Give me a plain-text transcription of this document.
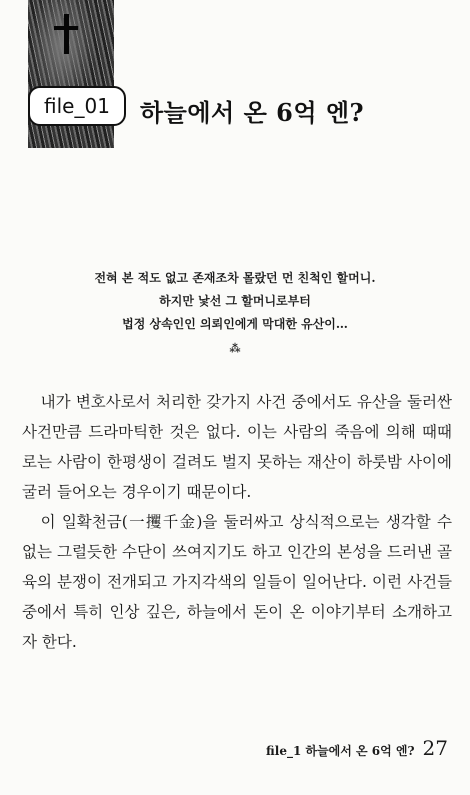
file_01 하늘에서 온 6억 엔?
전혀 본 적도 없고 존재조차 몰랐던 먼 친척인 할머니.
하지만 낯선 그 할머니로부터
법정 상속인인 의뢰인에게 막대한 유산이…
⁂

내가 변호사로서 처리한 갖가지 사건 중에서도 유산을 둘러싼 사건만큼 드라마틱한 것은 없다. 이는 사람의 죽음에 의해 때때로는 사람이 한평생이 걸려도 벌지 못하는 재산이 하룻밤 사이에 굴러 들어오는 경우이기 때문이다.

이 일확천금(一攫千金)을 둘러싸고 상식적으로는 생각할 수 없는 그럴듯한 수단이 쓰여지기도 하고 인간의 본성을 드러낸 골육의 분쟁이 전개되고 가지각색의 일들이 일어난다. 이런 사건들 중에서 특히 인상 깊은, 하늘에서 돈이 온 이야기부터 소개하고자 한다.

file_1 하늘에서 온 6억 엔? 27
